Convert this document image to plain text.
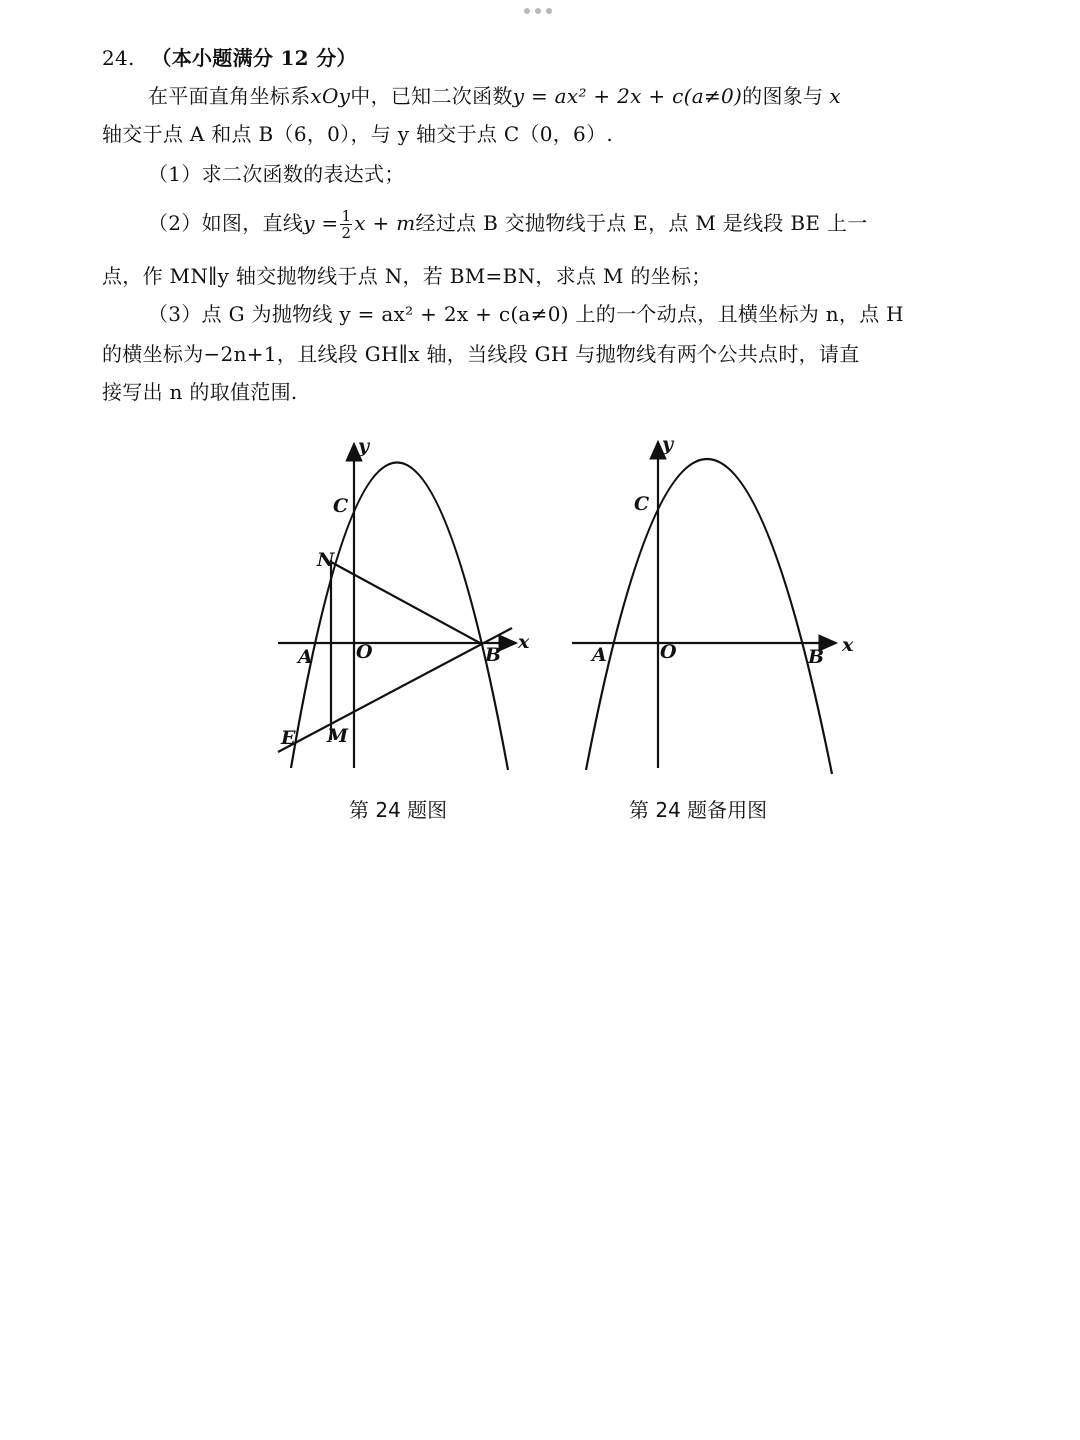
24. （本小题满分 12 分）
在平面直角坐标系xOy中，已知二次函数y = ax² + 2x + c(a≠0)的图象与 x
轴交于点 A 和点 B（6，0），与 y 轴交于点 C（0，6）.
（1）求二次函数的表达式；
（2）如图，直线$y = \frac{1}{2}$ x + m经过点 B 交抛物线于点 E，点 M 是线段 BE 上一
点，作 MN∥y 轴交抛物线于点 N，若 BM=BN，求点 M 的坐标；
（3）点 G 为抛物线 y = ax² + 2x + c(a≠0) 上的一个动点，且横坐标为 n，点 H
的横坐标为−2n+1，且线段 GH∥x 轴，当线段 GH 与抛物线有两个公共点时，请直
接写出 n 的取值范围.
x
y
C
N
A O	B
E M
x
y
C
A	O	B
第 24 题图	第 24 题备用图
